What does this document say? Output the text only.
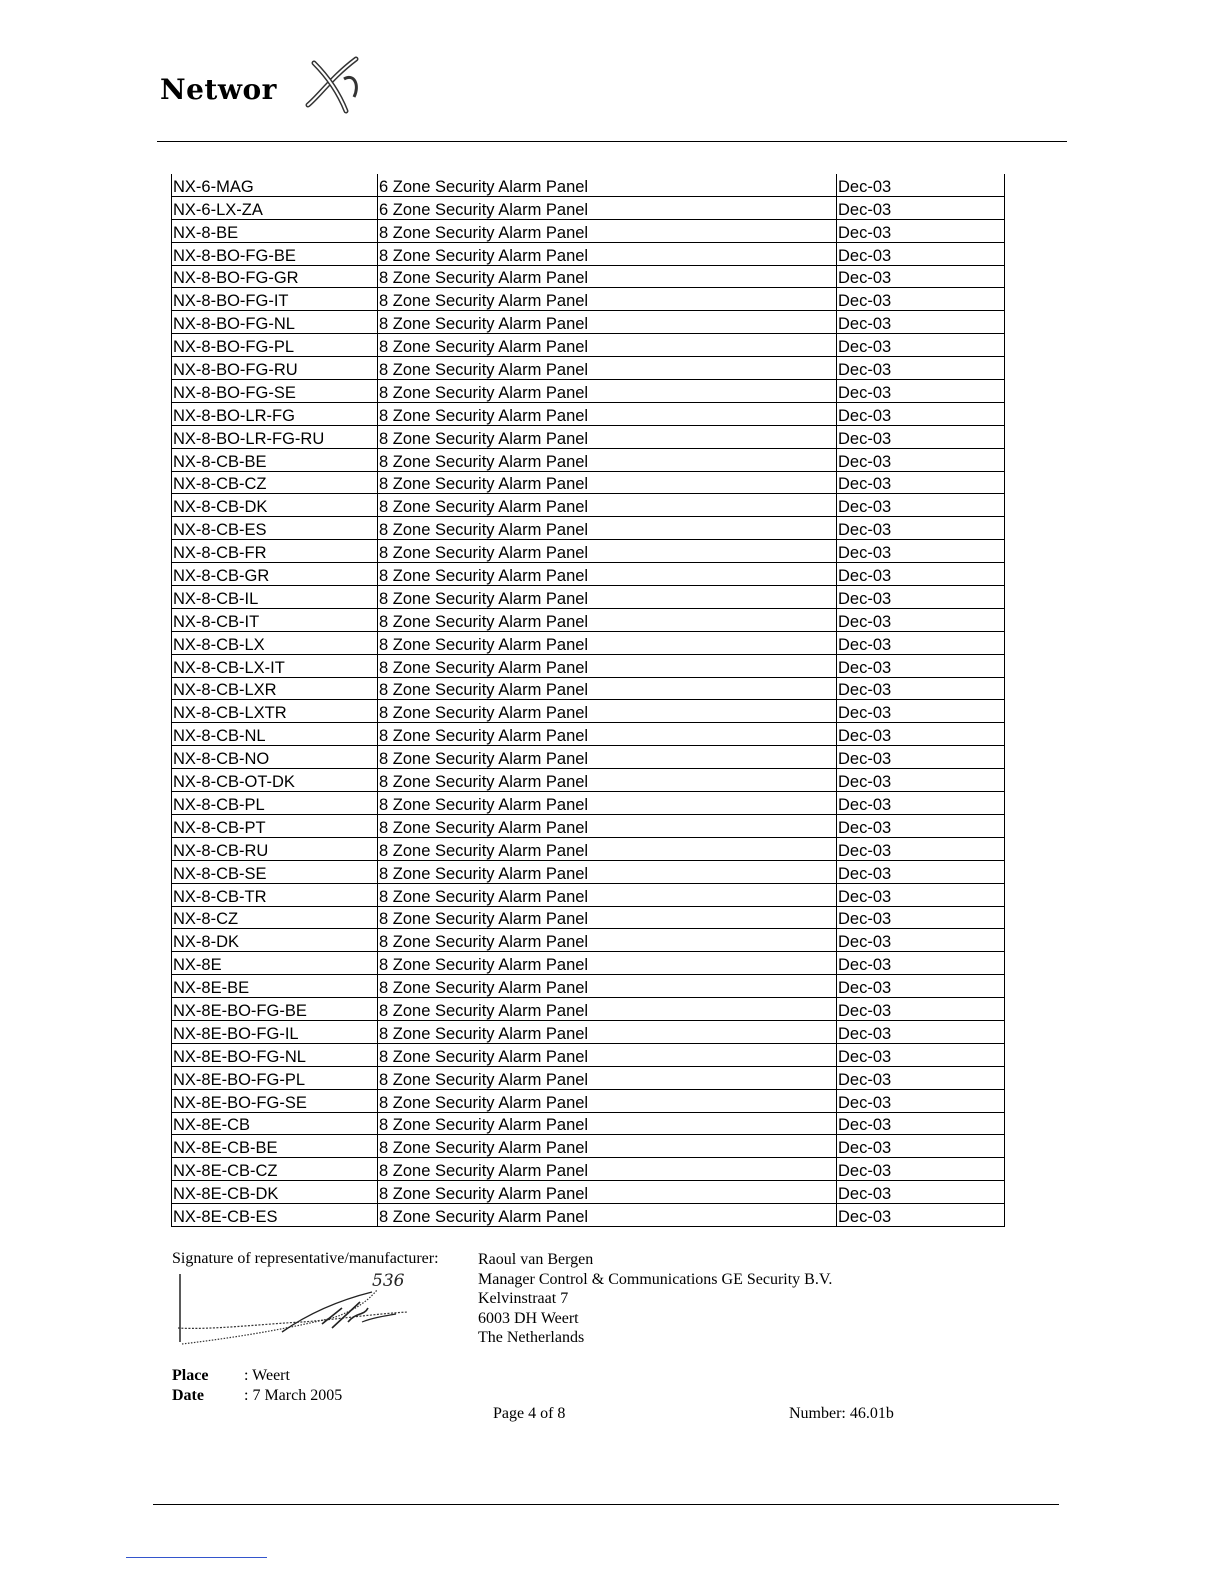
Networ
NX-6-MAG	6 Zone Security Alarm Panel	Dec-03
NX-6-LX-ZA	6 Zone Security Alarm Panel	Dec-03
NX-8-BE	8 Zone Security Alarm Panel	Dec-03
NX-8-BO-FG-BE	8 Zone Security Alarm Panel	Dec-03
NX-8-BO-FG-GR	8 Zone Security Alarm Panel	Dec-03
NX-8-BO-FG-IT	8 Zone Security Alarm Panel	Dec-03
NX-8-BO-FG-NL	8 Zone Security Alarm Panel	Dec-03
NX-8-BO-FG-PL	8 Zone Security Alarm Panel	Dec-03
NX-8-BO-FG-RU	8 Zone Security Alarm Panel	Dec-03
NX-8-BO-FG-SE	8 Zone Security Alarm Panel	Dec-03
NX-8-BO-LR-FG	8 Zone Security Alarm Panel	Dec-03
NX-8-BO-LR-FG-RU	8 Zone Security Alarm Panel	Dec-03
NX-8-CB-BE	8 Zone Security Alarm Panel	Dec-03
NX-8-CB-CZ	8 Zone Security Alarm Panel	Dec-03
NX-8-CB-DK	8 Zone Security Alarm Panel	Dec-03
NX-8-CB-ES	8 Zone Security Alarm Panel	Dec-03
NX-8-CB-FR	8 Zone Security Alarm Panel	Dec-03
NX-8-CB-GR	8 Zone Security Alarm Panel	Dec-03
NX-8-CB-IL	8 Zone Security Alarm Panel	Dec-03
NX-8-CB-IT	8 Zone Security Alarm Panel	Dec-03
NX-8-CB-LX	8 Zone Security Alarm Panel	Dec-03
NX-8-CB-LX-IT	8 Zone Security Alarm Panel	Dec-03
NX-8-CB-LXR	8 Zone Security Alarm Panel	Dec-03
NX-8-CB-LXTR	8 Zone Security Alarm Panel	Dec-03
NX-8-CB-NL	8 Zone Security Alarm Panel	Dec-03
NX-8-CB-NO	8 Zone Security Alarm Panel	Dec-03
NX-8-CB-OT-DK	8 Zone Security Alarm Panel	Dec-03
NX-8-CB-PL	8 Zone Security Alarm Panel	Dec-03
NX-8-CB-PT	8 Zone Security Alarm Panel	Dec-03
NX-8-CB-RU	8 Zone Security Alarm Panel	Dec-03
NX-8-CB-SE	8 Zone Security Alarm Panel	Dec-03
NX-8-CB-TR	8 Zone Security Alarm Panel	Dec-03
NX-8-CZ	8 Zone Security Alarm Panel	Dec-03
NX-8-DK	8 Zone Security Alarm Panel	Dec-03
NX-8E	8 Zone Security Alarm Panel	Dec-03
NX-8E-BE	8 Zone Security Alarm Panel	Dec-03
NX-8E-BO-FG-BE	8 Zone Security Alarm Panel	Dec-03
NX-8E-BO-FG-IL	8 Zone Security Alarm Panel	Dec-03
NX-8E-BO-FG-NL	8 Zone Security Alarm Panel	Dec-03
NX-8E-BO-FG-PL	8 Zone Security Alarm Panel	Dec-03
NX-8E-BO-FG-SE	8 Zone Security Alarm Panel	Dec-03
NX-8E-CB	8 Zone Security Alarm Panel	Dec-03
NX-8E-CB-BE	8 Zone Security Alarm Panel	Dec-03
NX-8E-CB-CZ	8 Zone Security Alarm Panel	Dec-03
NX-8E-CB-DK	8 Zone Security Alarm Panel	Dec-03
NX-8E-CB-ES	8 Zone Security Alarm Panel	Dec-03
Signature of representative/manufacturer:
536
Raoul van Bergen
Manager Control & Communications GE Security B.V.
Kelvinstraat 7
6003 DH Weert
The Netherlands
Place : Weert
Date	: 7 March 2005
Page 4 of 8	Number: 46.01b
